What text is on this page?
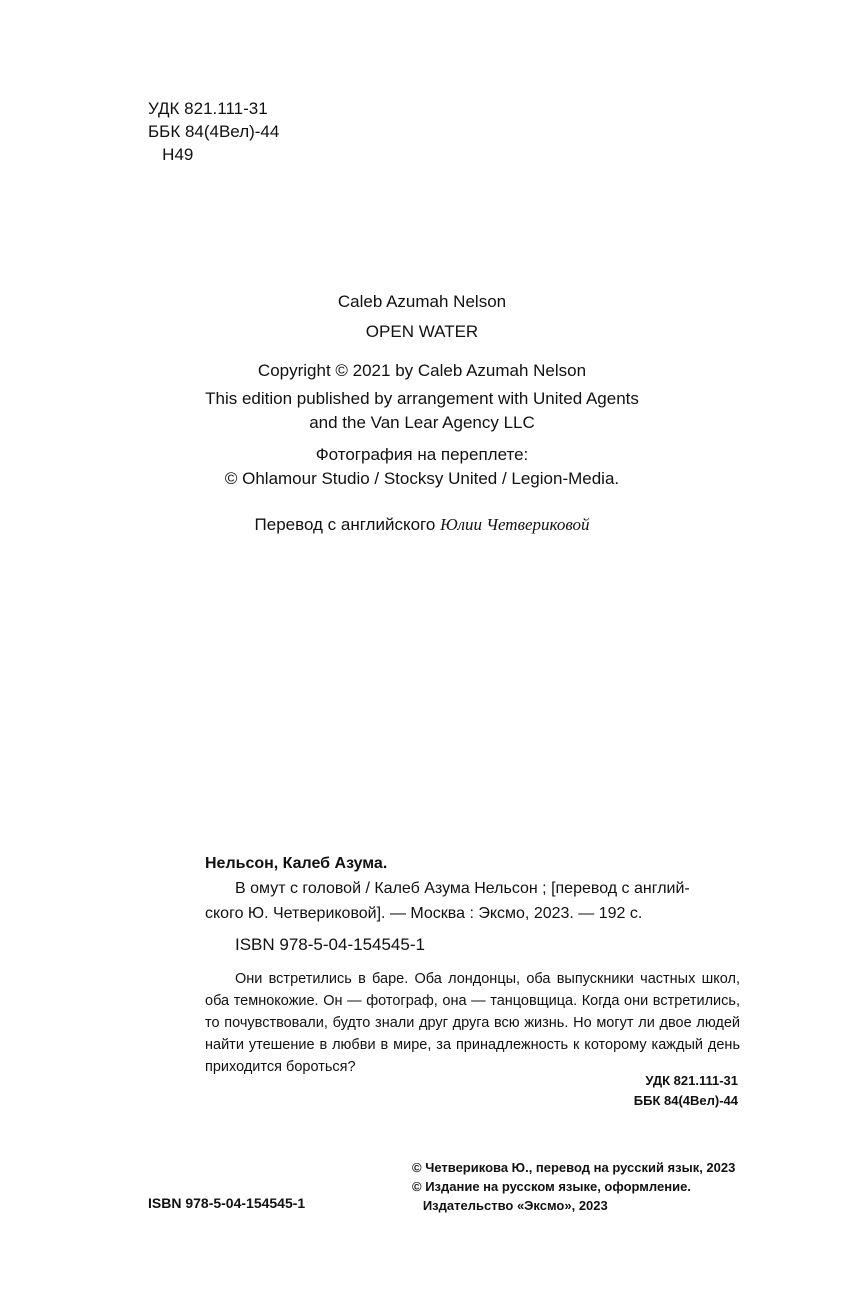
УДК 821.111-31
ББК 84(4Вел)-44
Н49
Caleb Azumah Nelson
OPEN WATER
Copyright © 2021 by Caleb Azumah Nelson
This edition published by arrangement with United Agents
and the Van Lear Agency LLC
Фотография на переплете:
© Ohlamour Studio / Stocksy United / Legion-Media.
Перевод с английского Юлии Четвериковой
Нельсон, Калеб Азума.
В омут с головой / Калеб Азума Нельсон ; [перевод с англий-
ского Ю. Четвериковой]. — Москва : Эксмо, 2023. — 192 с.
ISBN 978-5-04-154545-1
Они встретились в баре. Оба лондонцы, оба выпускники частных школ, оба темнокожие. Он — фотограф, она — танцовщица. Когда они встретились, то почувствовали, будто знали друг друга всю жизнь. Но могут ли двое людей найти утешение в любви в мире, за принадлежность к которому каждый день приходится бороться?
УДК 821.111-31
ББК 84(4Вел)-44
© Четверикова Ю., перевод на русский язык, 2023
© Издание на русском языке, оформление.
Издательство «Эксмо», 2023
ISBN 978-5-04-154545-1
